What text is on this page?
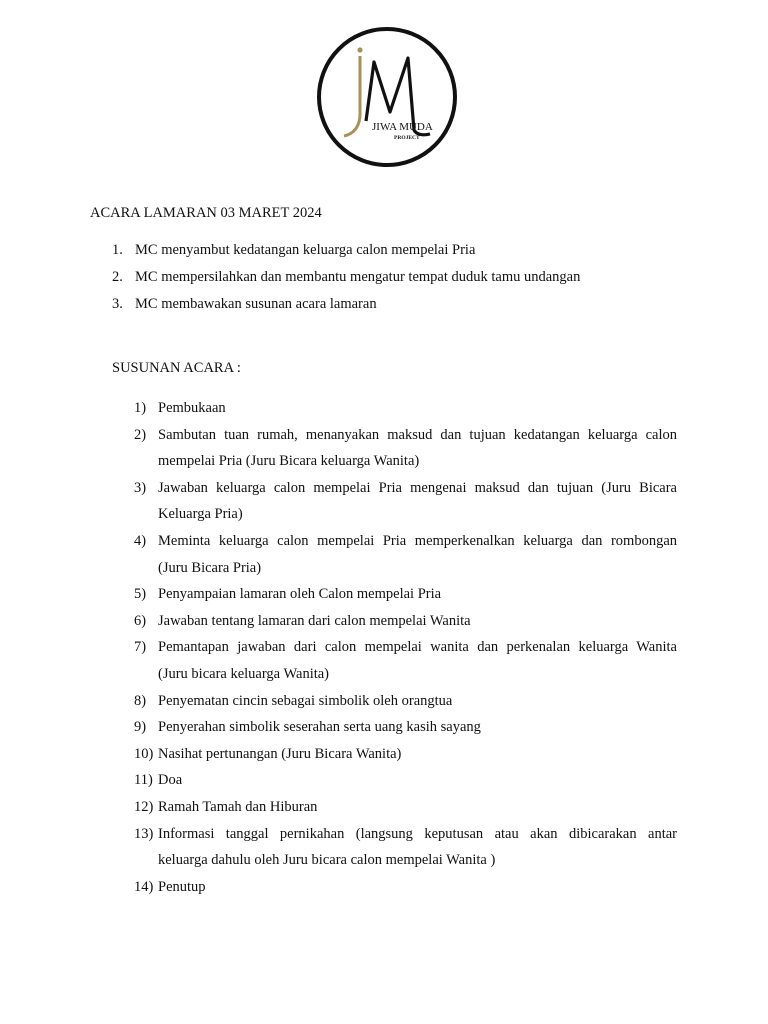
JIWA MUDA
PROJECT
ACARA LAMARAN 03 MARET 2024
1. MC menyambut kedatangan keluarga calon mempelai Pria
2. MC mempersilahkan dan membantu mengatur tempat duduk tamu undangan
3. MC membawakan susunan acara lamaran
SUSUNAN ACARA :
1) Pembukaan
2) Sambutan tuan rumah, menanyakan maksud dan tujuan kedatangan keluarga calon
mempelai Pria (Juru Bicara keluarga Wanita)
3) Jawaban keluarga calon mempelai Pria mengenai maksud dan tujuan (Juru Bicara
Keluarga Pria)
4) Meminta keluarga calon mempelai Pria memperkenalkan keluarga dan rombongan
(Juru Bicara Pria)
5) Penyampaian lamaran oleh Calon mempelai Pria
6) Jawaban tentang lamaran dari calon mempelai Wanita
7) Pemantapan jawaban dari calon mempelai wanita dan perkenalan keluarga Wanita
(Juru bicara keluarga Wanita)
8) Penyematan cincin sebagai simbolik oleh orangtua
9) Penyerahan simbolik seserahan serta uang kasih sayang
10) Nasihat pertunangan (Juru Bicara Wanita)
11) Doa
12) Ramah Tamah dan Hiburan
13) Informasi tanggal pernikahan (langsung keputusan atau akan dibicarakan antar
keluarga dahulu oleh Juru bicara calon mempelai Wanita )
14) Penutup
